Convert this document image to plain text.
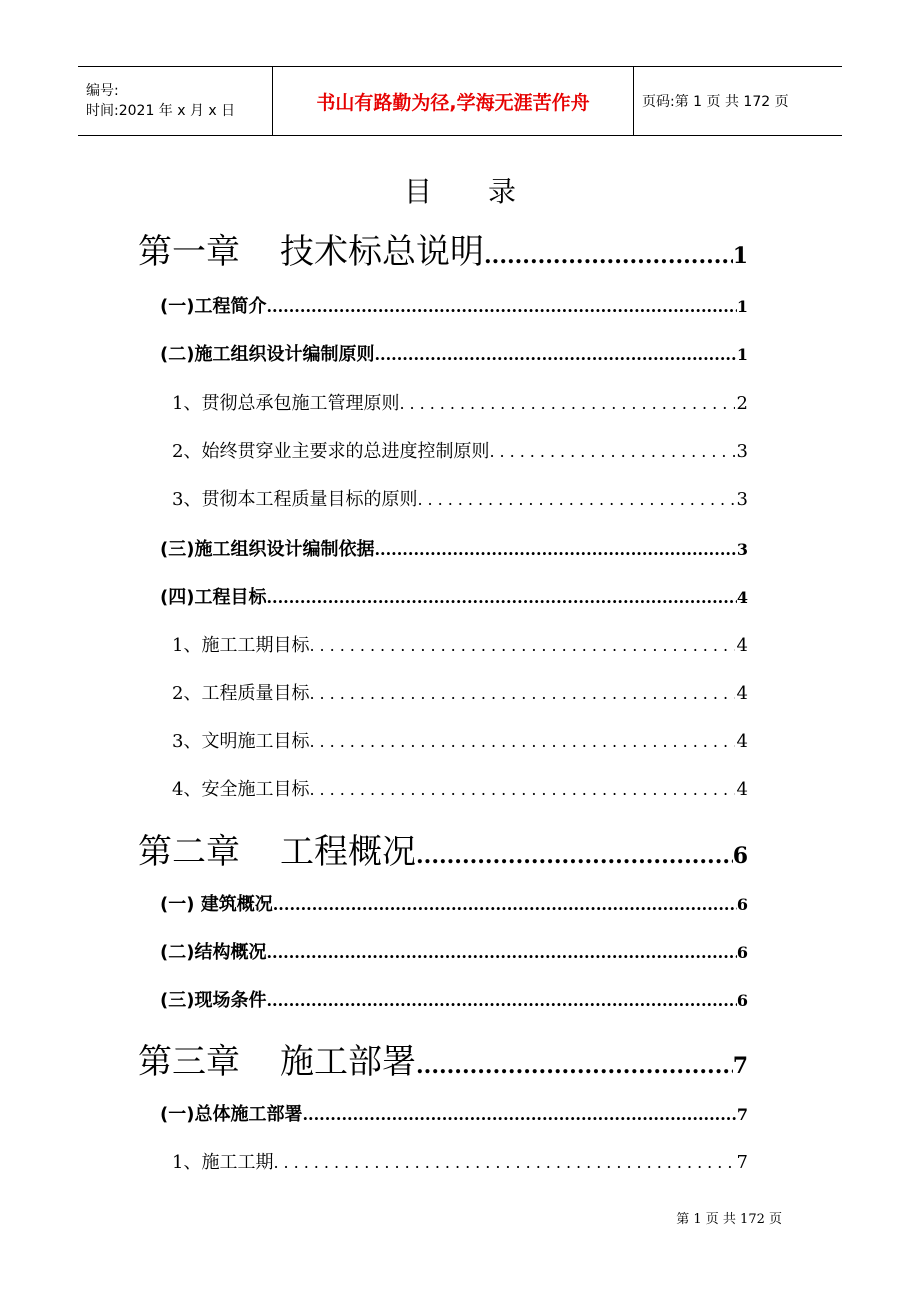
编号:
时间:2021 年 x 月 x 日	书山有路勤为径,学海无涯苦作舟	页码:第 1 页 共 172 页
目录
第一章 技术标总说明 .....	1
(一)工程简介 .....	1
(二)施工组织设计编制原则 .....	1
1、贯彻总承包施工管理原则 .....	2
2、始终贯穿业主要求的总进度控制原则 .....	3
3、贯彻本工程质量目标的原则 .....	3
(三)施工组织设计编制依据 .....	3
(四)工程目标 .....	4
1、施工工期目标 .....	4
2、工程质量目标 .....	4
3、文明施工目标 .....	4
4、安全施工目标 .....	4
第二章 工程概况 .....	6
(一) 建筑概况 .....	6
(二)结构概况 .....	6
(三)现场条件 .....	6
第三章 施工部署 .....	7
(一)总体施工部署 .....	7
1、施工工期 .....	7
第 1 页 共 172 页
